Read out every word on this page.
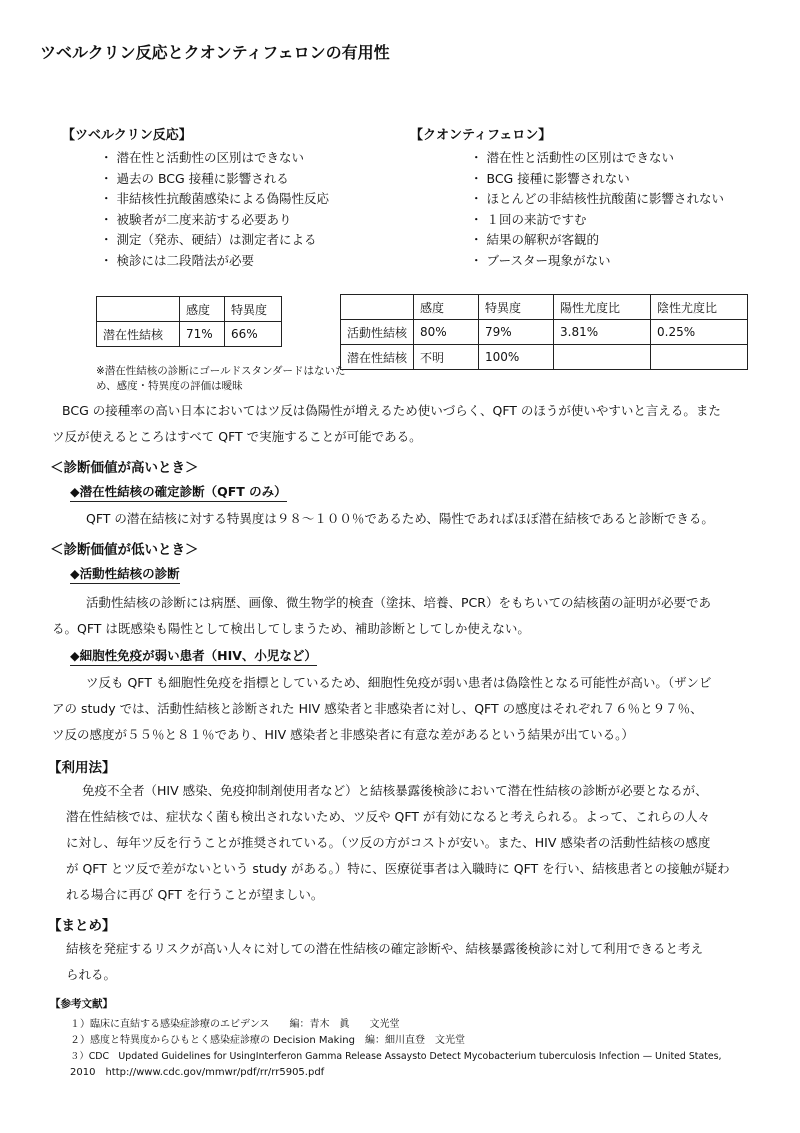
ツベルクリン反応とクオンティフェロンの有用性
【ツベルクリン反応】
・ 潜在性と活動性の区別はできない
・ 過去の BCG 接種に影響される
・ 非結核性抗酸菌感染による偽陽性反応
・ 被験者が二度来訪する必要あり
・ 測定（発赤、硬結）は測定者による
・ 検診には二段階法が必要
【クオンティフェロン】
・ 潜在性と活動性の区別はできない
・ BCG 接種に影響されない
・ ほとんどの非結核性抗酸菌に影響されない
・ １回の来訪ですむ
・ 結果の解釈が客観的
・ ブースター現象がない
	感度	特異度
潜在性結核	71%	66%
※潜在性結核の診断にゴールドスタンダードはないため、感度・特異度の評価は曖昧
	感度	特異度	陽性尤度比	陰性尤度比
活動性結核	80%	79%	3.81%	0.25%
潜在性結核	不明	100%		
BCG の接種率の高い日本においてはツ反は偽陽性が増えるため使いづらく、QFT のほうが使いやすいと言える。また
ツ反が使えるところはすべて QFT で実施することが可能である。
＜診断価値が高いとき＞
◆潜在性結核の確定診断（QFT のみ）
QFT の潜在結核に対する特異度は９８～１００％であるため、陽性であればほぼ潜在結核であると診断できる。
＜診断価値が低いとき＞
◆活動性結核の診断
活動性結核の診断には病歴、画像、微生物学的検査（塗抹、培養、PCR）をもちいての結核菌の証明が必要であ
る。QFT は既感染も陽性として検出してしまうため、補助診断としてしか使えない。
◆細胞性免疫が弱い患者（HIV、小児など）
ツ反も QFT も細胞性免疫を指標としているため、細胞性免疫が弱い患者は偽陰性となる可能性が高い。（ザンビ
アの study では、活動性結核と診断された HIV 感染者と非感染者に対し、QFT の感度はそれぞれ７６％と９７％、
ツ反の感度が５５％と８１％であり、HIV 感染者と非感染者に有意な差があるという結果が出ている。）
【利用法】
免疫不全者（HIV 感染、免疫抑制剤使用者など）と結核暴露後検診において潜在性結核の診断が必要となるが、
潜在性結核では、症状なく菌も検出されないため、ツ反や QFT が有効になると考えられる。よって、これらの人々
に対し、毎年ツ反を行うことが推奨されている。（ツ反の方がコストが安い。また、HIV 感染者の活動性結核の感度
が QFT とツ反で差がないという study がある。）特に、医療従事者は入職時に QFT を行い、結核患者との接触が疑わ
れる場合に再び QFT を行うことが望ましい。
【まとめ】
結核を発症するリスクが高い人々に対しての潜在性結核の確定診断や、結核暴露後検診に対して利用できると考え
られる。
【参考文献】
１）臨床に直結する感染症診療のエビデンス　　編：青木　眞　　文光堂
２）感度と特異度からひもとく感染症診療の Decision Making　編：細川直登　文光堂
３）CDC　Updated Guidelines for UsingInterferon Gamma Release Assaysto Detect Mycobacterium tuberculosis Infection — United States,
2010　http://www.cdc.gov/mmwr/pdf/rr/rr5905.pdf
